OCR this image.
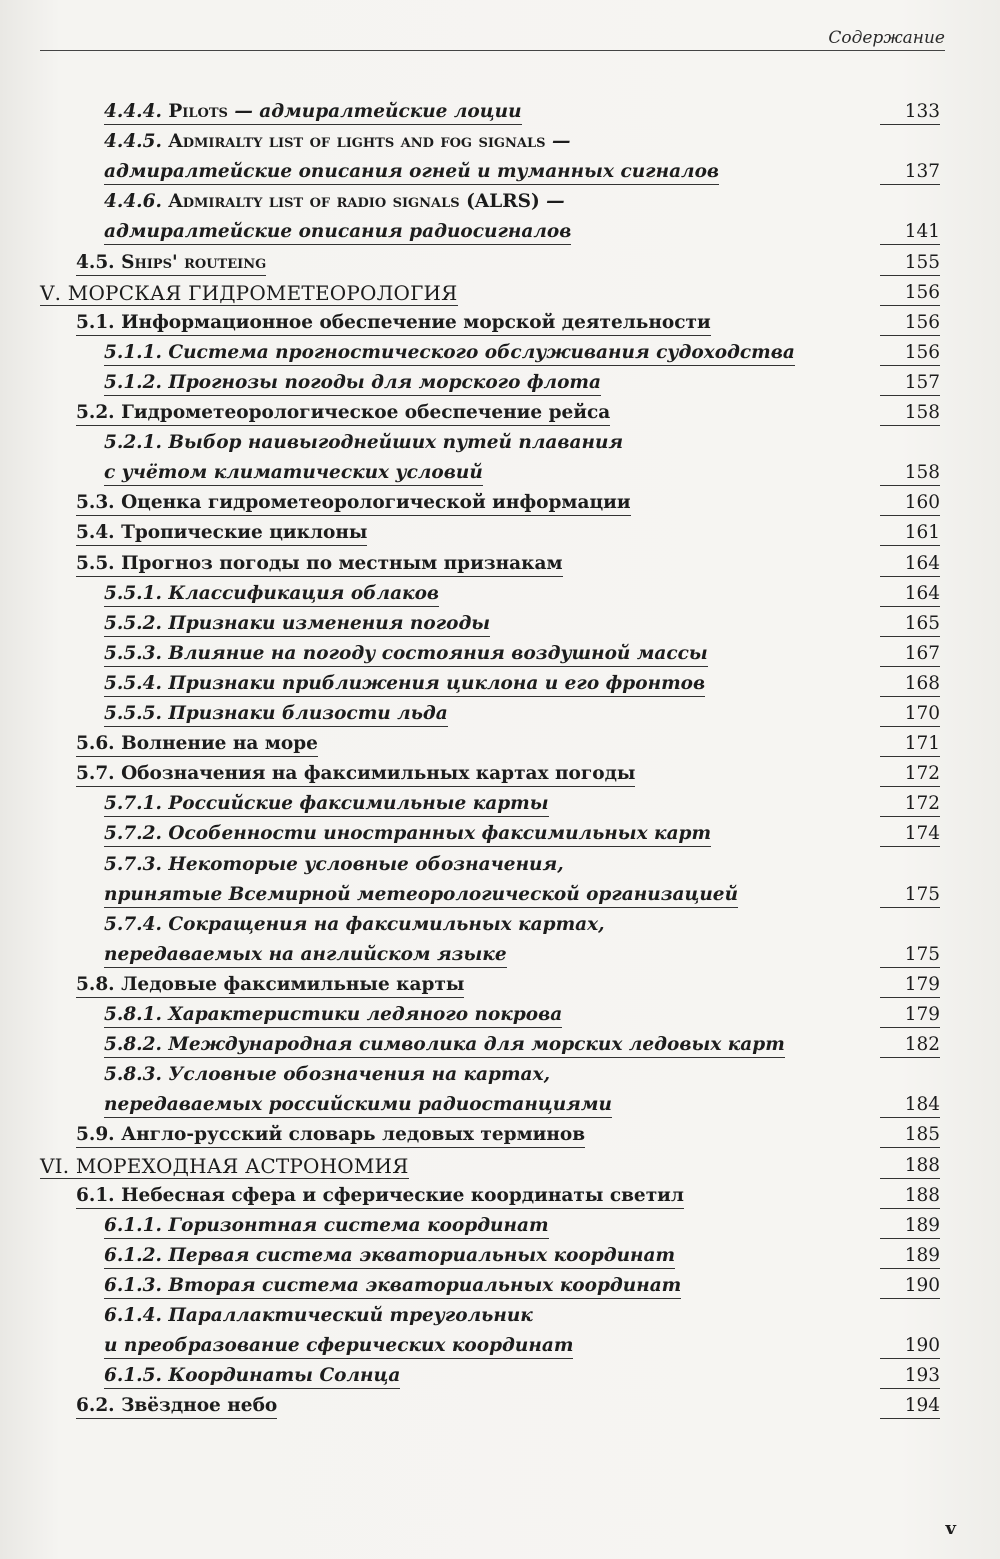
Содержание
4.4.4. Pilots — адмиралтейские лоции	133
4.4.5. Admiralty list of lights and fog signals —
адмиралтейские описания огней и туманных сигналов	137
4.4.6. Admiralty list of radio signals (ALRS) —
адмиралтейские описания радиосигналов	141
4.5. Ships' routeing	155
V. МОРСКАЯ ГИДРОМЕТЕОРОЛОГИЯ	156
5.1. Информационное обеспечение морской деятельности	156
5.1.1. Система прогностического обслуживания судоходства	156
5.1.2. Прогнозы погоды для морского флота	157
5.2. Гидрометеорологическое обеспечение рейса	158
5.2.1. Выбор наивыгоднейших путей плавания
с учётом климатических условий	158
5.3. Оценка гидрометеорологической информации	160
5.4. Тропические циклоны	161
5.5. Прогноз погоды по местным признакам	164
5.5.1. Классификация облаков	164
5.5.2. Признаки изменения погоды	165
5.5.3. Влияние на погоду состояния воздушной массы	167
5.5.4. Признаки приближения циклона и его фронтов	168
5.5.5. Признаки близости льда	170
5.6. Волнение на море	171
5.7. Обозначения на факсимильных картах погоды	172
5.7.1. Российские факсимильные карты	172
5.7.2. Особенности иностранных факсимильных карт	174
5.7.3. Некоторые условные обозначения,
принятые Всемирной метеорологической организацией	175
5.7.4. Сокращения на факсимильных картах,
передаваемых на английском языке	175
5.8. Ледовые факсимильные карты	179
5.8.1. Характеристики ледяного покрова	179
5.8.2. Международная символика для морских ледовых карт	182
5.8.3. Условные обозначения на картах,
передаваемых российскими радиостанциями	184
5.9. Англо-русский словарь ледовых терминов	185
VI. МОРЕХОДНАЯ АСТРОНОМИЯ	188
6.1. Небесная сфера и сферические координаты светил	188
6.1.1. Горизонтная система координат	189
6.1.2. Первая система экваториальных координат	189
6.1.3. Вторая система экваториальных координат	190
6.1.4. Параллактический треугольник
и преобразование сферических координат	190
6.1.5. Координаты Солнца	193
6.2. Звёздное небо	194
v
